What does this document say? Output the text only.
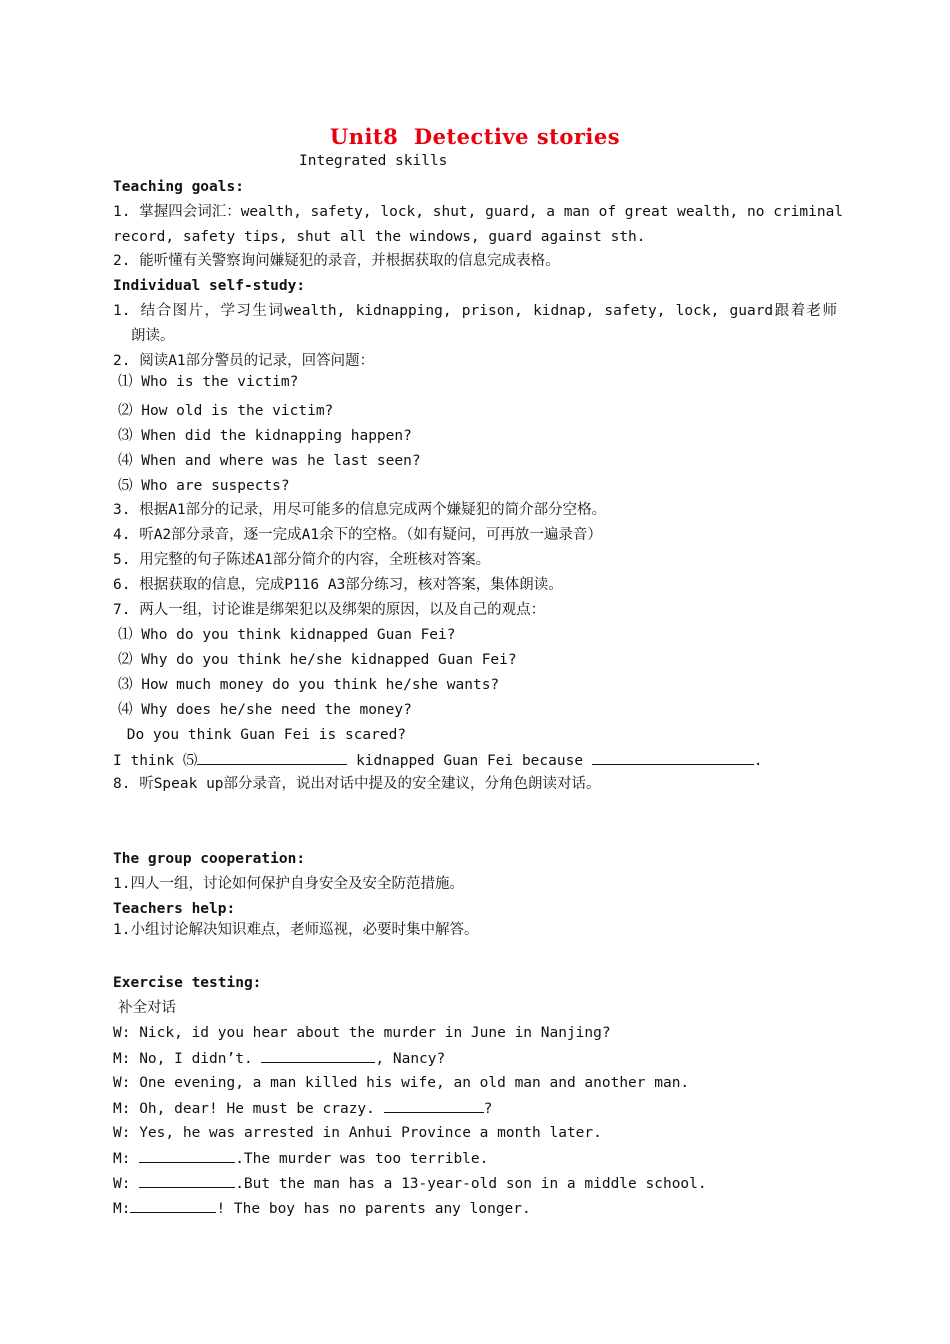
Unit8  Detective stories
Integrated skills
Teaching goals:
1. 掌握四会词汇：wealth, safety, lock, shut, guard, a man of great wealth, no criminal
record, safety tips, shut all the windows, guard against sth.
2. 能听懂有关警察询问嫌疑犯的录音，并根据获取的信息完成表格。
Individual self-study:
1. 结合图片，学习生词wealth, kidnapping, prison, kidnap, safety, lock, guard跟着老师
朗读。
2. 阅读A1部分警员的记录，回答问题：
⑴ Who is the victim?
⑵ How old is the victim?
⑶ When did the kidnapping happen?
⑷ When and where was he last seen?
⑸ Who are suspects?
3. 根据A1部分的记录，用尽可能多的信息完成两个嫌疑犯的简介部分空格。
4. 听A2部分录音，逐一完成A1余下的空格。（如有疑问，可再放一遍录音）
5. 用完整的句子陈述A1部分简介的内容，全班核对答案。
6. 根据获取的信息，完成P116 A3部分练习，核对答案，集体朗读。
7. 两人一组，讨论谁是绑架犯以及绑架的原因，以及自己的观点：
⑴ Who do you think kidnapped Guan Fei?
⑵ Why do you think he/she kidnapped Guan Fei?
⑶ How much money do you think he/she wants?
⑷ Why does he/she need the money?
Do you think Guan Fei is scared?
I think ⑸	kidnapped Guan Fei because	.
8. 听Speak up部分录音，说出对话中提及的安全建议，分角色朗读对话。
The group cooperation:
1.四人一组，讨论如何保护自身安全及安全防范措施。
Teachers help:
1.小组讨论解决知识难点，老师巡视，必要时集中解答。
Exercise testing:
补全对话
W: Nick, id you hear about the murder in June in Nanjing?
M: No, I didn’t.	, Nancy?
W: One evening, a man killed his wife, an old man and another man.
M: Oh, dear! He must be crazy.	?
W: Yes, he was arrested in Anhui Province a month later.
M:	.The murder was too terrible.
W:	.But the man has a 13-year-old son in a middle school.
M:	! The boy has no parents any longer.
